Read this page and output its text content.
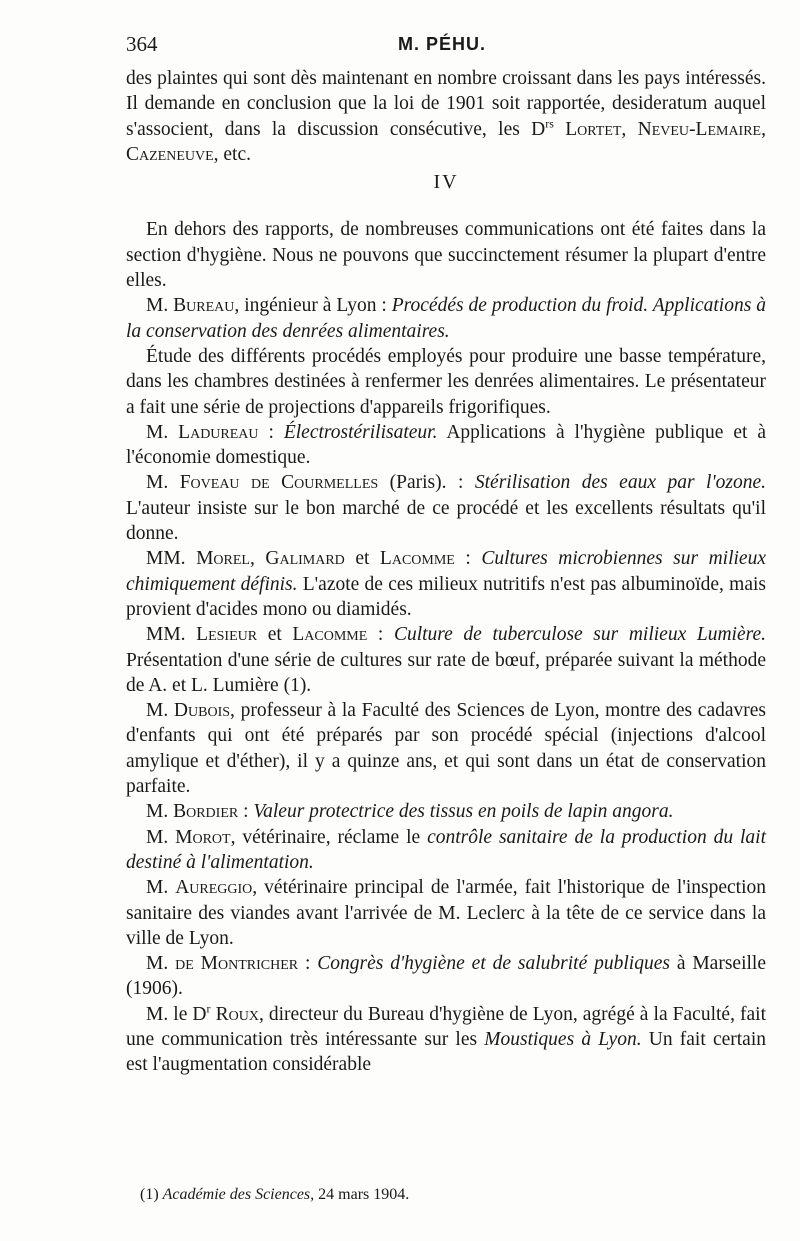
364	M. PÉHU.

des plaintes qui sont dès maintenant en nombre croissant dans les pays intéressés. Il demande en conclusion que la loi de 1901 soit rapportée, desideratum auquel s'associent, dans la discussion consécutive, les $D^{rs}$ Lortet, Neveu-Lemaire, Cazeneuve, etc.

IV

En dehors des rapports, de nombreuses communications ont été faites dans la section d'hygiène. Nous ne pouvons que succinctement résumer la plupart d'entre elles.

M. Bureau, ingénieur à Lyon : Procédés de production du froid. Applications à la conservation des denrées alimentaires.

Étude des différents procédés employés pour produire une basse température, dans les chambres destinées à renfermer les denrées alimentaires. Le présentateur a fait une série de projections d'appareils frigorifiques.

M. Ladureau : Électrostérilisateur. Applications à l'hygiène publique et à l'économie domestique.

M. Foveau de Courmelles (Paris). : Stérilisation des eaux par l'ozone. L'auteur insiste sur le bon marché de ce procédé et les excellents résultats qu'il donne.

MM. Morel, Galimard et Lacomme : Cultures microbiennes sur milieux chimiquement définis. L'azote de ces milieux nutritifs n'est pas albuminoïde, mais provient d'acides mono ou diamidés.

MM. Lesieur et Lacomme : Culture de tuberculose sur milieux Lumière. Présentation d'une série de cultures sur rate de bœuf, préparée suivant la méthode de A. et L. Lumière (1).

M. Dubois, professeur à la Faculté des Sciences de Lyon, montre des cadavres d'enfants qui ont été préparés par son procédé spécial (injections d'alcool amylique et d'éther), il y a quinze ans, et qui sont dans un état de conservation parfaite.

M. Bordier : Valeur protectrice des tissus en poils de lapin angora.

M. Morot, vétérinaire, réclame le contrôle sanitaire de la production du lait destiné à l'alimentation.

M. Aureggio, vétérinaire principal de l'armée, fait l'historique de l'inspection sanitaire des viandes avant l'arrivée de M. Leclerc à la tête de ce service dans la ville de Lyon.

M. de Montricher : Congrès d'hygiène et de salubrité publiques à Marseille (1906).

M. le $D^r$ Roux, directeur du Bureau d'hygiène de Lyon, agrégé à la Faculté, fait une communication très intéressante sur les Moustiques à Lyon. Un fait certain est l'augmentation considérable

(1) Académie des Sciences, 24 mars 1904.
